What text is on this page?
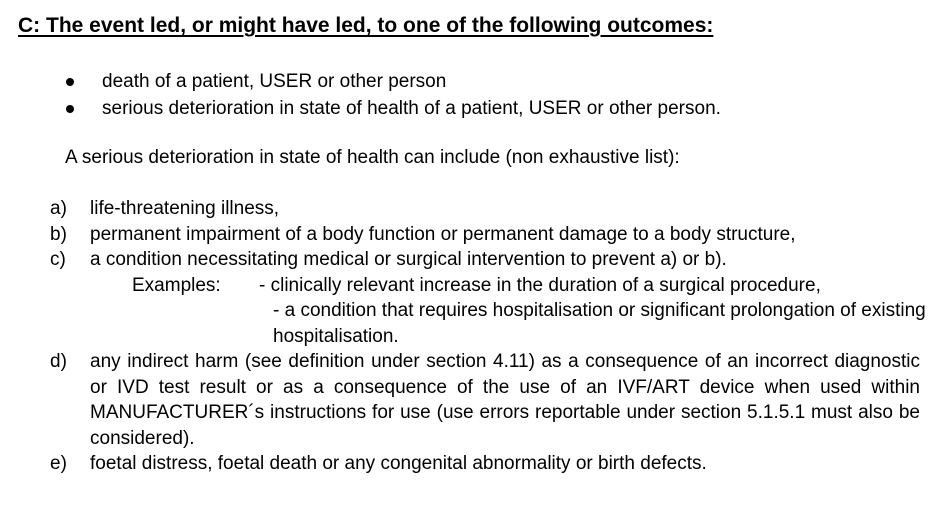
C: The event led, or might have led, to one of the following outcomes:
death of a patient, USER or other person
serious deterioration in state of health of a patient, USER or other person.
A serious deterioration in state of health can include (non exhaustive list):
a)	life-threatening illness,
b)	permanent impairment of a body function or permanent damage to a body structure,
c)	a condition necessitating medical or surgical intervention to prevent a) or b).
Examples:	- clinically relevant increase in the duration of a surgical procedure,
- a condition that requires hospitalisation or significant prolongation of existing hospitalisation.
d)	any indirect harm (see definition under section 4.11) as a consequence of an incorrect diagnostic or IVD test result or as a consequence of the use of an IVF/ART device when used within MANUFACTURER´s instructions for use (use errors reportable under section 5.1.5.1 must also be considered).
e)	foetal distress, foetal death or any congenital abnormality or birth defects.
